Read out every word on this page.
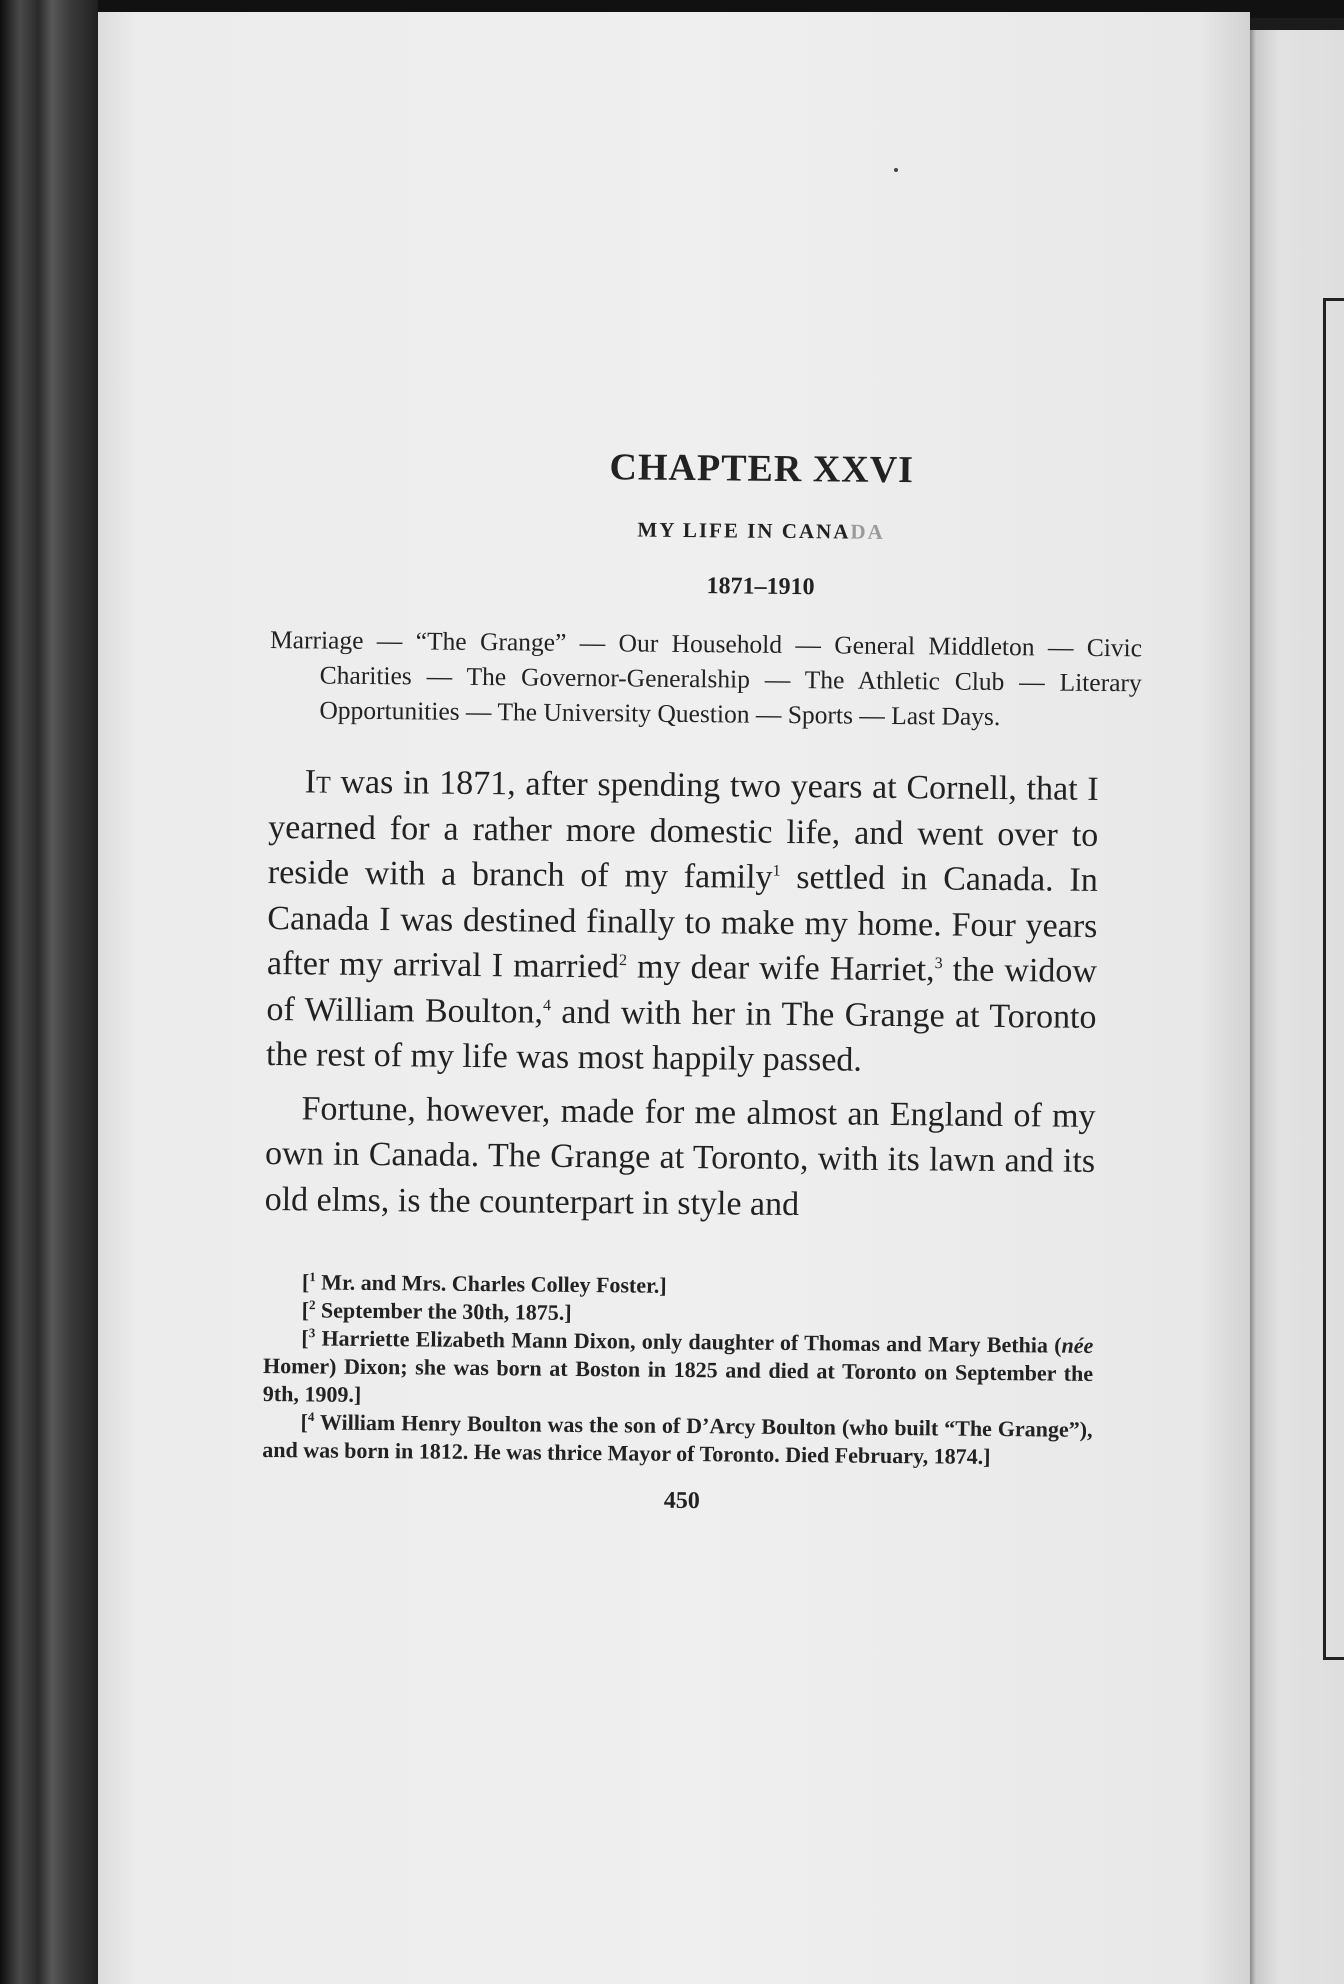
CHAPTER XXVI
MY LIFE IN CANADA
1871–1910
Marriage — “The Grange” — Our Household — General Middleton — Civic Charities — The Governor-Generalship — The Athletic Club — Literary Opportunities — The University Question — Sports — Last Days.

It was in 1871, after spending two years at Cornell, that I yearned for a rather more domestic life, and went over to reside with a branch of my family$^1$ settled in Canada. In Canada I was destined finally to make my home. Four years after my arrival I married$^2$ my dear wife Harriet,$^3$ the widow of William Boulton,$^4$ and with her in The Grange at Toronto the rest of my life was most happily passed.

Fortune, however, made for me almost an England of my own in Canada. The Grange at Toronto, with its lawn and its old elms, is the counterpart in style and

[$^1$ Mr. and Mrs. Charles Colley Foster.]

[$^2$ September the 30th, 1875.]

[$^3$ Harriette Elizabeth Mann Dixon, only daughter of Thomas and Mary Bethia (née Homer) Dixon; she was born at Boston in 1825 and died at Toronto on September the 9th, 1909.]

[$^4$ William Henry Boulton was the son of D’Arcy Boulton (who built “The Grange”), and was born in 1812. He was thrice Mayor of Toronto. Died February, 1874.]

450
